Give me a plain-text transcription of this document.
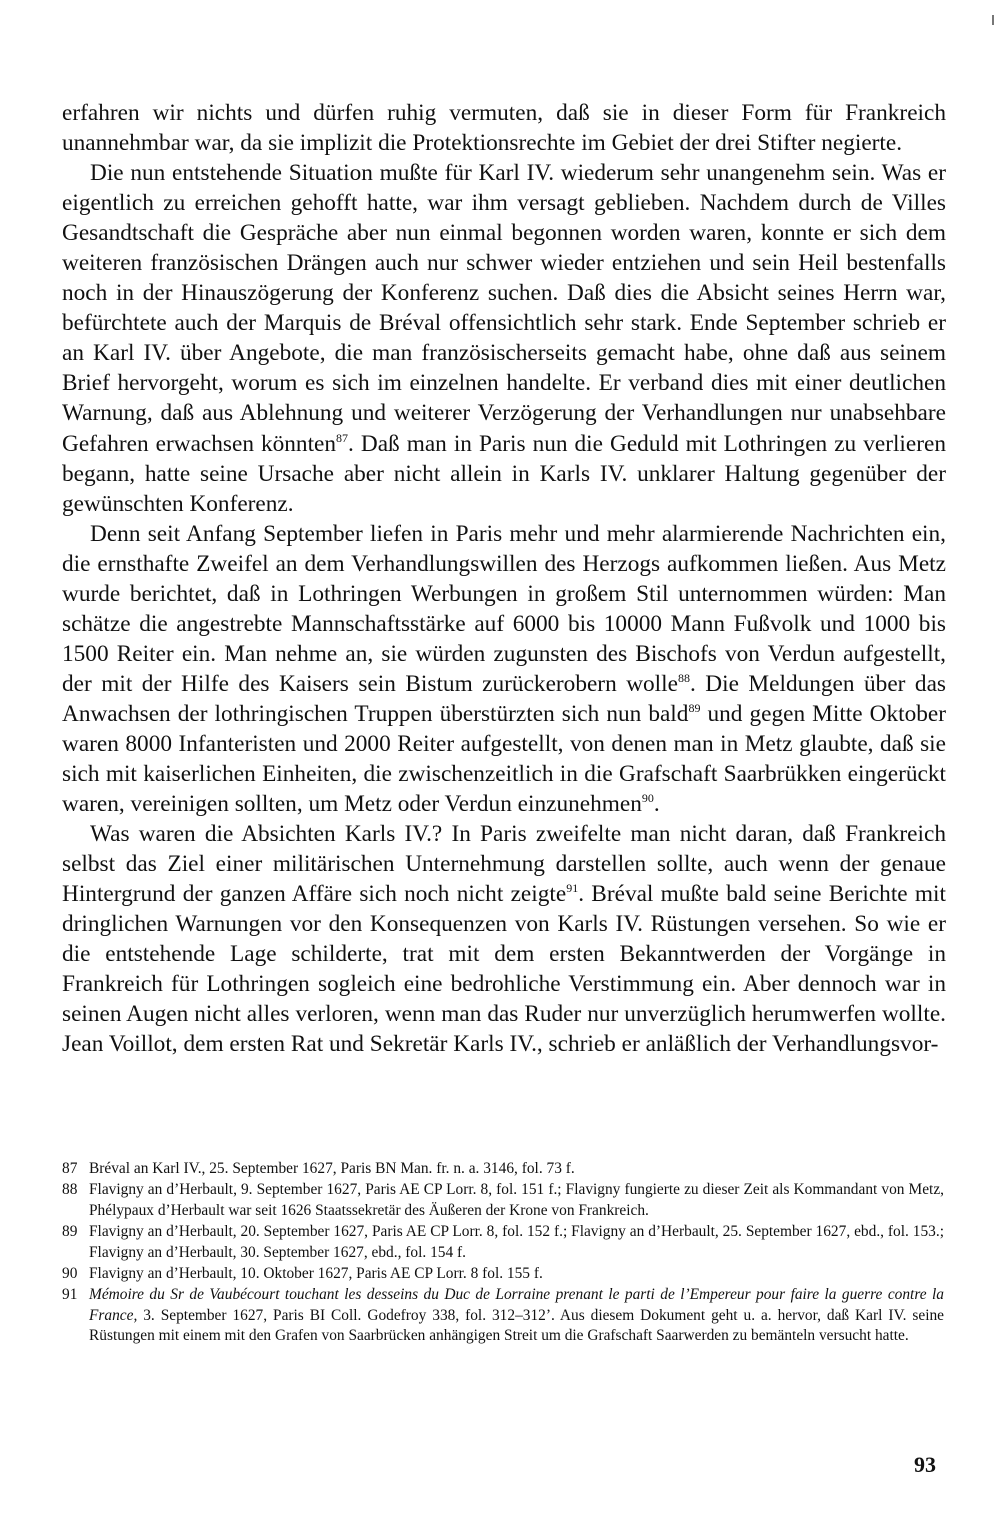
erfahren wir nichts und dürfen ruhig vermuten, daß sie in dieser Form für Frankreich unannehmbar war, da sie implizit die Protektionsrechte im Gebiet der drei Stifter negierte.

Die nun entstehende Situation mußte für Karl IV. wiederum sehr unangenehm sein. Was er eigentlich zu erreichen gehofft hatte, war ihm versagt geblieben. Nachdem durch de Villes Gesandtschaft die Gespräche aber nun einmal begonnen worden waren, konnte er sich dem weiteren französischen Drängen auch nur schwer wieder entziehen und sein Heil bestenfalls noch in der Hinauszögerung der Konferenz suchen. Daß dies die Absicht seines Herrn war, befürchtete auch der Marquis de Bréval offensichtlich sehr stark. Ende September schrieb er an Karl IV. über Angebote, die man französischerseits gemacht habe, ohne daß aus seinem Brief hervorgeht, worum es sich im einzelnen handelte. Er verband dies mit einer deutlichen Warnung, daß aus Ablehnung und weiterer Verzögerung der Verhandlungen nur unabsehbare Gefahren erwachsen könnten$^{87}$. Daß man in Paris nun die Geduld mit Lothringen zu verlieren begann, hatte seine Ursache aber nicht allein in Karls IV. unklarer Haltung gegenüber der gewünschten Konferenz.

Denn seit Anfang September liefen in Paris mehr und mehr alarmierende Nachrichten ein, die ernsthafte Zweifel an dem Verhandlungswillen des Herzogs aufkommen ließen. Aus Metz wurde berichtet, daß in Lothringen Werbungen in großem Stil unternommen würden: Man schätze die angestrebte Mannschaftsstärke auf 6000 bis 10000 Mann Fußvolk und 1000 bis 1500 Reiter ein. Man nehme an, sie würden zugunsten des Bischofs von Verdun aufgestellt, der mit der Hilfe des Kaisers sein Bistum zurückerobern wolle$^{88}$. Die Meldungen über das Anwachsen der lothringischen Truppen überstürzten sich nun bald$^{89}$ und gegen Mitte Oktober waren 8000 Infanteristen und 2000 Reiter aufgestellt, von denen man in Metz glaubte, daß sie sich mit kaiserlichen Einheiten, die zwischenzeitlich in die Grafschaft Saarbrükken eingerückt waren, vereinigen sollten, um Metz oder Verdun einzunehmen$^{90}$.

Was waren die Absichten Karls IV.? In Paris zweifelte man nicht daran, daß Frankreich selbst das Ziel einer militärischen Unternehmung darstellen sollte, auch wenn der genaue Hintergrund der ganzen Affäre sich noch nicht zeigte$^{91}$. Bréval mußte bald seine Berichte mit dringlichen Warnungen vor den Konsequenzen von Karls IV. Rüstungen versehen. So wie er die entstehende Lage schilderte, trat mit dem ersten Bekanntwerden der Vorgänge in Frankreich für Lothringen sogleich eine bedrohliche Verstimmung ein. Aber dennoch war in seinen Augen nicht alles verloren, wenn man das Ruder nur unverzüglich herumwerfen wollte. Jean Voillot, dem ersten Rat und Sekretär Karls IV., schrieb er anläßlich der Verhandlungsvor-

87 Bréval an Karl IV., 25. September 1627, Paris BN Man. fr. n. a. 3146, fol. 73 f.
88 Flavigny an d’Herbault, 9. September 1627, Paris AE CP Lorr. 8, fol. 151 f.; Flavigny fungierte zu dieser Zeit als Kommandant von Metz, Phélypaux d’Herbault war seit 1626 Staatssekretär des Äußeren der Krone von Frankreich.
89 Flavigny an d’Herbault, 20. September 1627, Paris AE CP Lorr. 8, fol. 152 f.; Flavigny an d’Herbault, 25. September 1627, ebd., fol. 153.; Flavigny an d’Herbault, 30. September 1627, ebd., fol. 154 f.
90 Flavigny an d’Herbault, 10. Oktober 1627, Paris AE CP Lorr. 8 fol. 155 f.
91 Mémoire du Sr de Vaubécourt touchant les desseins du Duc de Lorraine prenant le parti de l’Empereur pour faire la guerre contre la France, 3. September 1627, Paris BI Coll. Godefroy 338, fol. 312–312’. Aus diesem Dokument geht u. a. hervor, daß Karl IV. seine Rüstungen mit einem mit den Grafen von Saarbrücken anhängigen Streit um die Grafschaft Saarwerden zu bemänteln versucht hatte.
93
